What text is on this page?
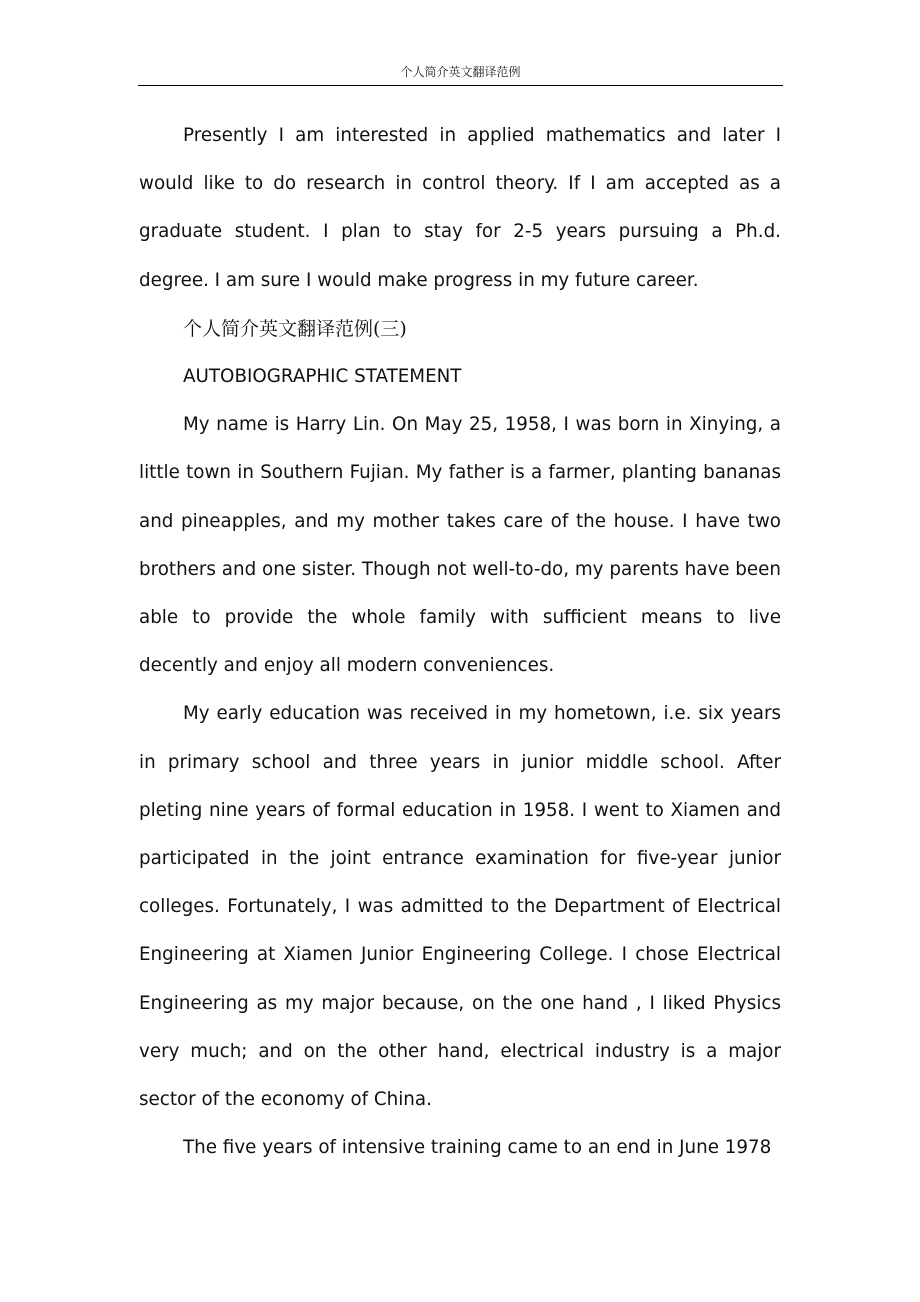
个人简介英文翻译范例

Presently I am interested in applied mathematics and later I would like to do research in control theory. If I am accepted as a graduate student. I plan to stay for 2-5 years pursuing a Ph.d. degree. I am sure I would make progress in my future career.

个人简介英文翻译范例(三)

AUTOBIOGRAPHIC STATEMENT

My name is Harry Lin. On May 25, 1958, I was born in Xinying, a little town in Southern Fujian. My father is a farmer, planting bananas and pineapples, and my mother takes care of the house. I have two brothers and one sister. Though not well-to-do, my parents have been able to provide the whole family with sufficient means to live decently and enjoy all modern conveniences.

My early education was received in my hometown, i.e. six years in primary school and three years in junior middle school. After pleting nine years of formal education in 1958. I went to Xiamen and participated in the joint entrance examination for five-year junior colleges. Fortunately, I was admitted to the Department of Electrical Engineering at Xiamen Junior Engineering College. I chose Electrical Engineering as my major because, on the one hand , I liked Physics very much; and on the other hand, electrical industry is a major sector of the economy of China.

The five years of intensive training came to an end in June 1978
